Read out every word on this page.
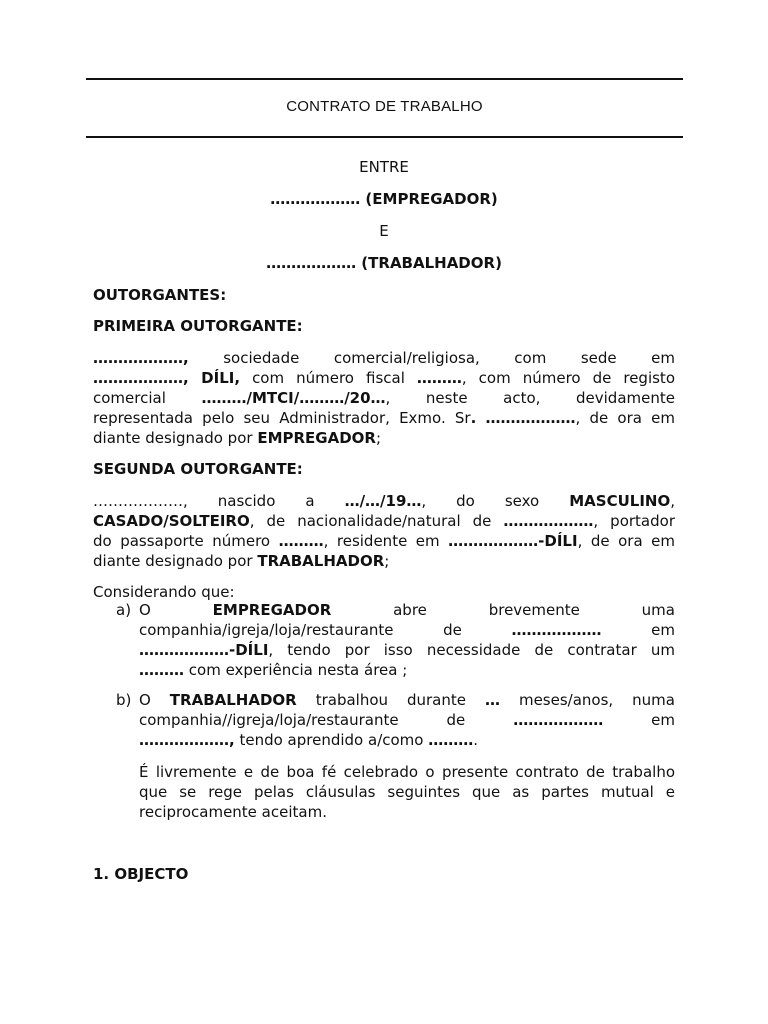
CONTRATO DE TRABALHO
ENTRE
……………… (EMPREGADOR)
E
……………… (TRABALHADOR)
OUTORGANTES:
PRIMEIRA OUTORGANTE:
………………, sociedade comercial/religiosa, com sede em
………………, DÍLI, com número fiscal ………, com número de registo
comercial ………/MTCI/………/20…, neste acto, devidamente
representada pelo seu Administrador, Exmo. Sr. ………………, de ora em
diante designado por EMPREGADOR;
SEGUNDA OUTORGANTE:
………………, nascido a …/…/19…, do sexo MASCULINO,
CASADO/SOLTEIRO, de nacionalidade/natural de ………………, portador
do passaporte número ………, residente em ………………-DÍLI, de ora em
diante designado por TRABALHADOR;
Considerando que:
a) O	EMPREGADOR	abre brevemente uma
companhia/igreja/loja/restaurante de	………………	em
………………-DÍLI, tendo por isso necessidade de contratar um
……… com experiência nesta área ;
b) O TRABALHADOR trabalhou durante … meses/anos, numa
companhia//igreja/loja/restaurante de	………………	em
………………, tendo aprendido a/como ……….
É livremente e de boa fé celebrado o presente contrato de trabalho
que se rege pelas cláusulas seguintes que as partes mutual e
reciprocamente aceitam.
1. OBJECTO
